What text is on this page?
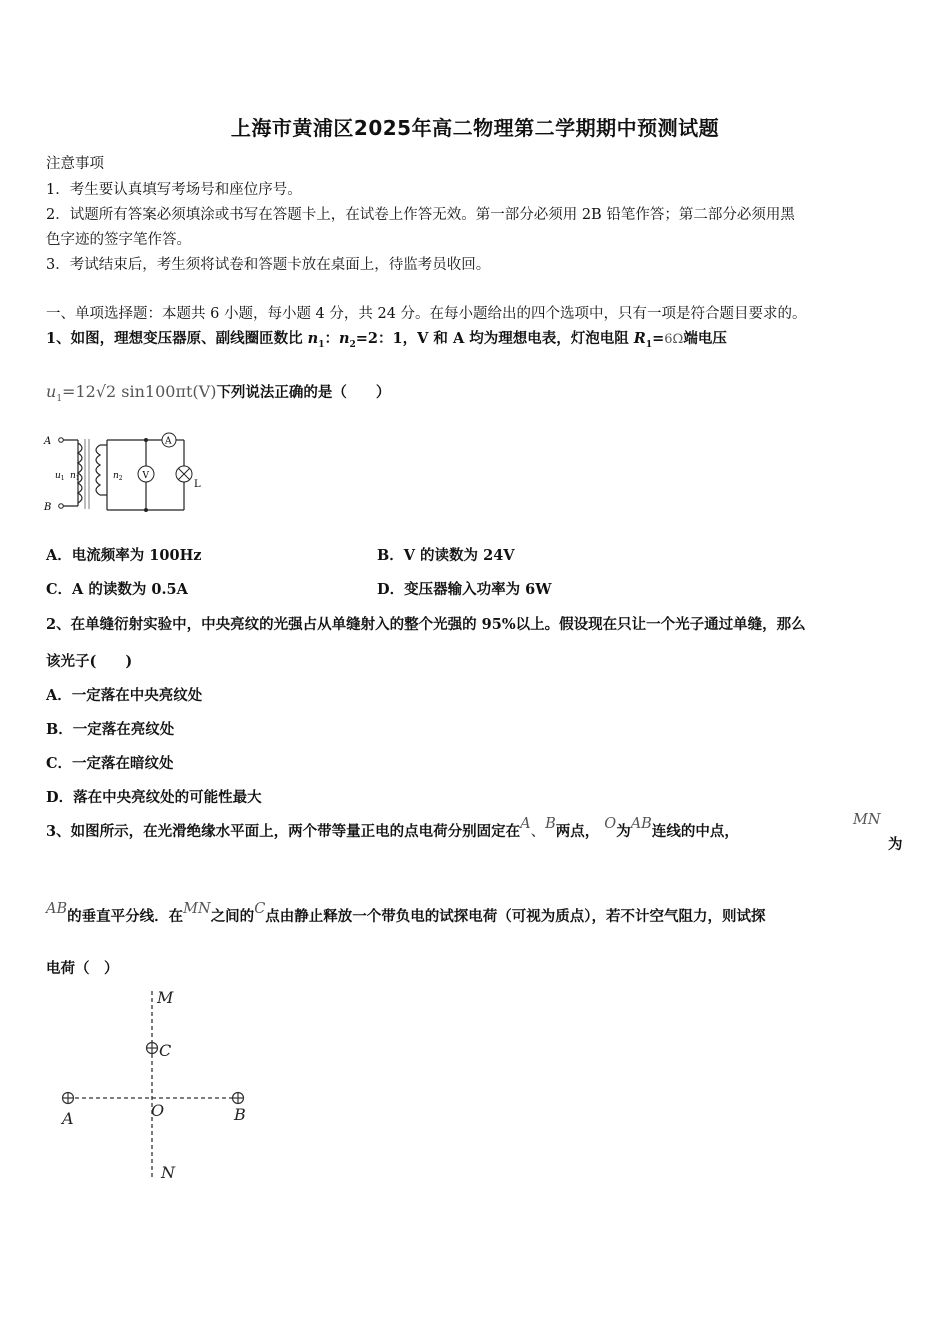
上海市黄浦区2025年高二物理第二学期期中预测试题
注意事项
1．考生要认真填写考场号和座位序号。
2．试题所有答案必须填涂或书写在答题卡上，在试卷上作答无效。第一部分必须用 2B 铅笔作答；第二部分必须用黑
色字迹的签字笔作答。
3．考试结束后，考生须将试卷和答题卡放在桌面上，待监考员收回。
一、单项选择题：本题共 6 小题，每小题 4 分，共 24 分。在每小题给出的四个选项中，只有一项是符合题目要求的。
1、如图，理想变压器原、副线圈匝数比 $n_1$：$n_2=2$：1，V 和 A 均为理想电表，灯泡电阻 $R_1=6\Omega$端电压
$u_1=12√2$ sin100πt(V)下列说法正确的是（　　）
A
B
$u_1$ $n_1$	$n_2$
A
V
L
A．电流频率为 100Hz	B．V 的读数为 24V
C．A 的读数为 0.5A	D．变压器输入功率为 6W
2、在单缝衍射实验中，中央亮纹的光强占从单缝射入的整个光强的 95%以上。假设现在只让一个光子通过单缝，那么
该光子(　　)
A．一定落在中央亮纹处
B．一定落在亮纹处
C．一定落在暗纹处
D．落在中央亮纹处的可能性最大
3、如图所示，在光滑绝缘水平面上，两个带等量正电的点电荷分别固定在A、B两点， O为AB连线的中点，
MN
为
AB的垂直平分线．在MN之间的C点由静止释放一个带负电的试探电荷（可视为质点），若不计空气阻力，则试探
电荷（　）
M
C
A	O	B
N
